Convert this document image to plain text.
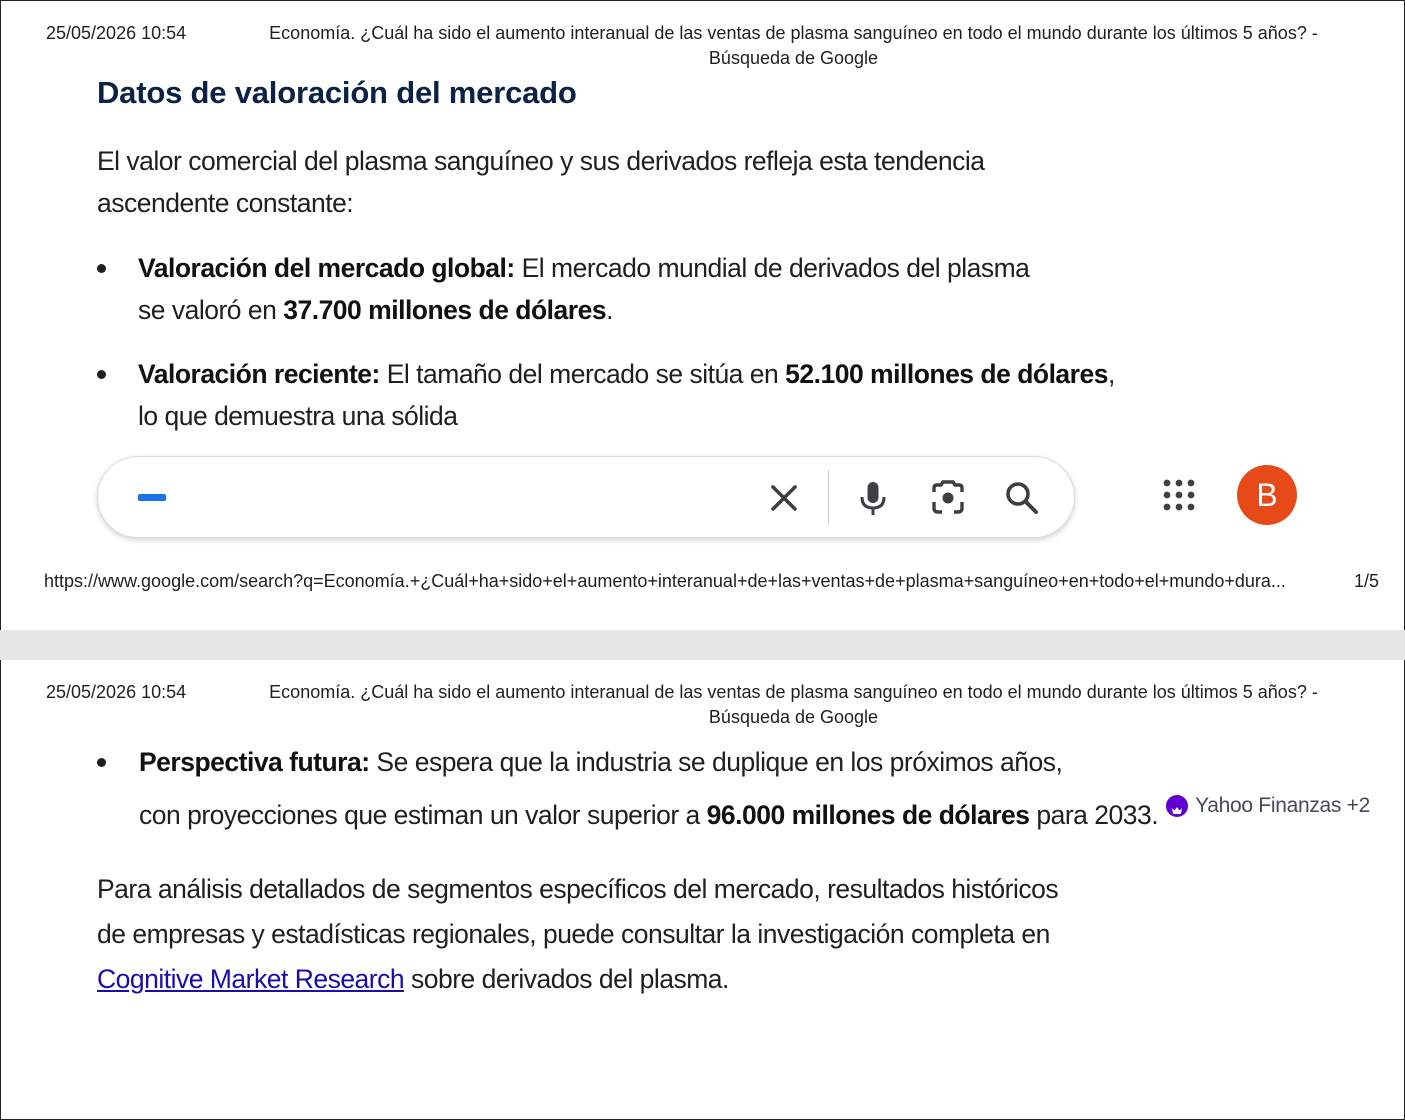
25/05/2026 10:54	Economía. ¿Cuál ha sido el aumento interanual de las ventas de plasma sanguíneo en todo el mundo durante los últimos 5 años? -
Búsqueda de Google
Datos de valoración del mercado
El valor comercial del plasma sanguíneo y sus derivados refleja esta tendencia
ascendente constante:
Valoración del mercado global: El mercado mundial de derivados del plasma
se valoró en 37.700 millones de dólares.
Valoración reciente: El tamaño del mercado se sitúa en 52.100 millones de dólares,
lo que demuestra una sólida
B
https://www.google.com/search?q=Economía.+¿Cuál+ha+sido+el+aumento+interanual+de+las+ventas+de+plasma+sanguíneo+en+todo+el+mundo+dura...	1/5
25/05/2026 10:54	Economía. ¿Cuál ha sido el aumento interanual de las ventas de plasma sanguíneo en todo el mundo durante los últimos 5 años? -
Búsqueda de Google
Perspectiva futura: Se espera que la industria se duplique en los próximos años,
con proyecciones que estiman un valor superior a 96.000 millones de dólares para 2033. Yahoo Finanzas +2
Para análisis detallados de segmentos específicos del mercado, resultados históricos
de empresas y estadísticas regionales, puede consultar la investigación completa en
Cognitive Market Research sobre derivados del plasma.
